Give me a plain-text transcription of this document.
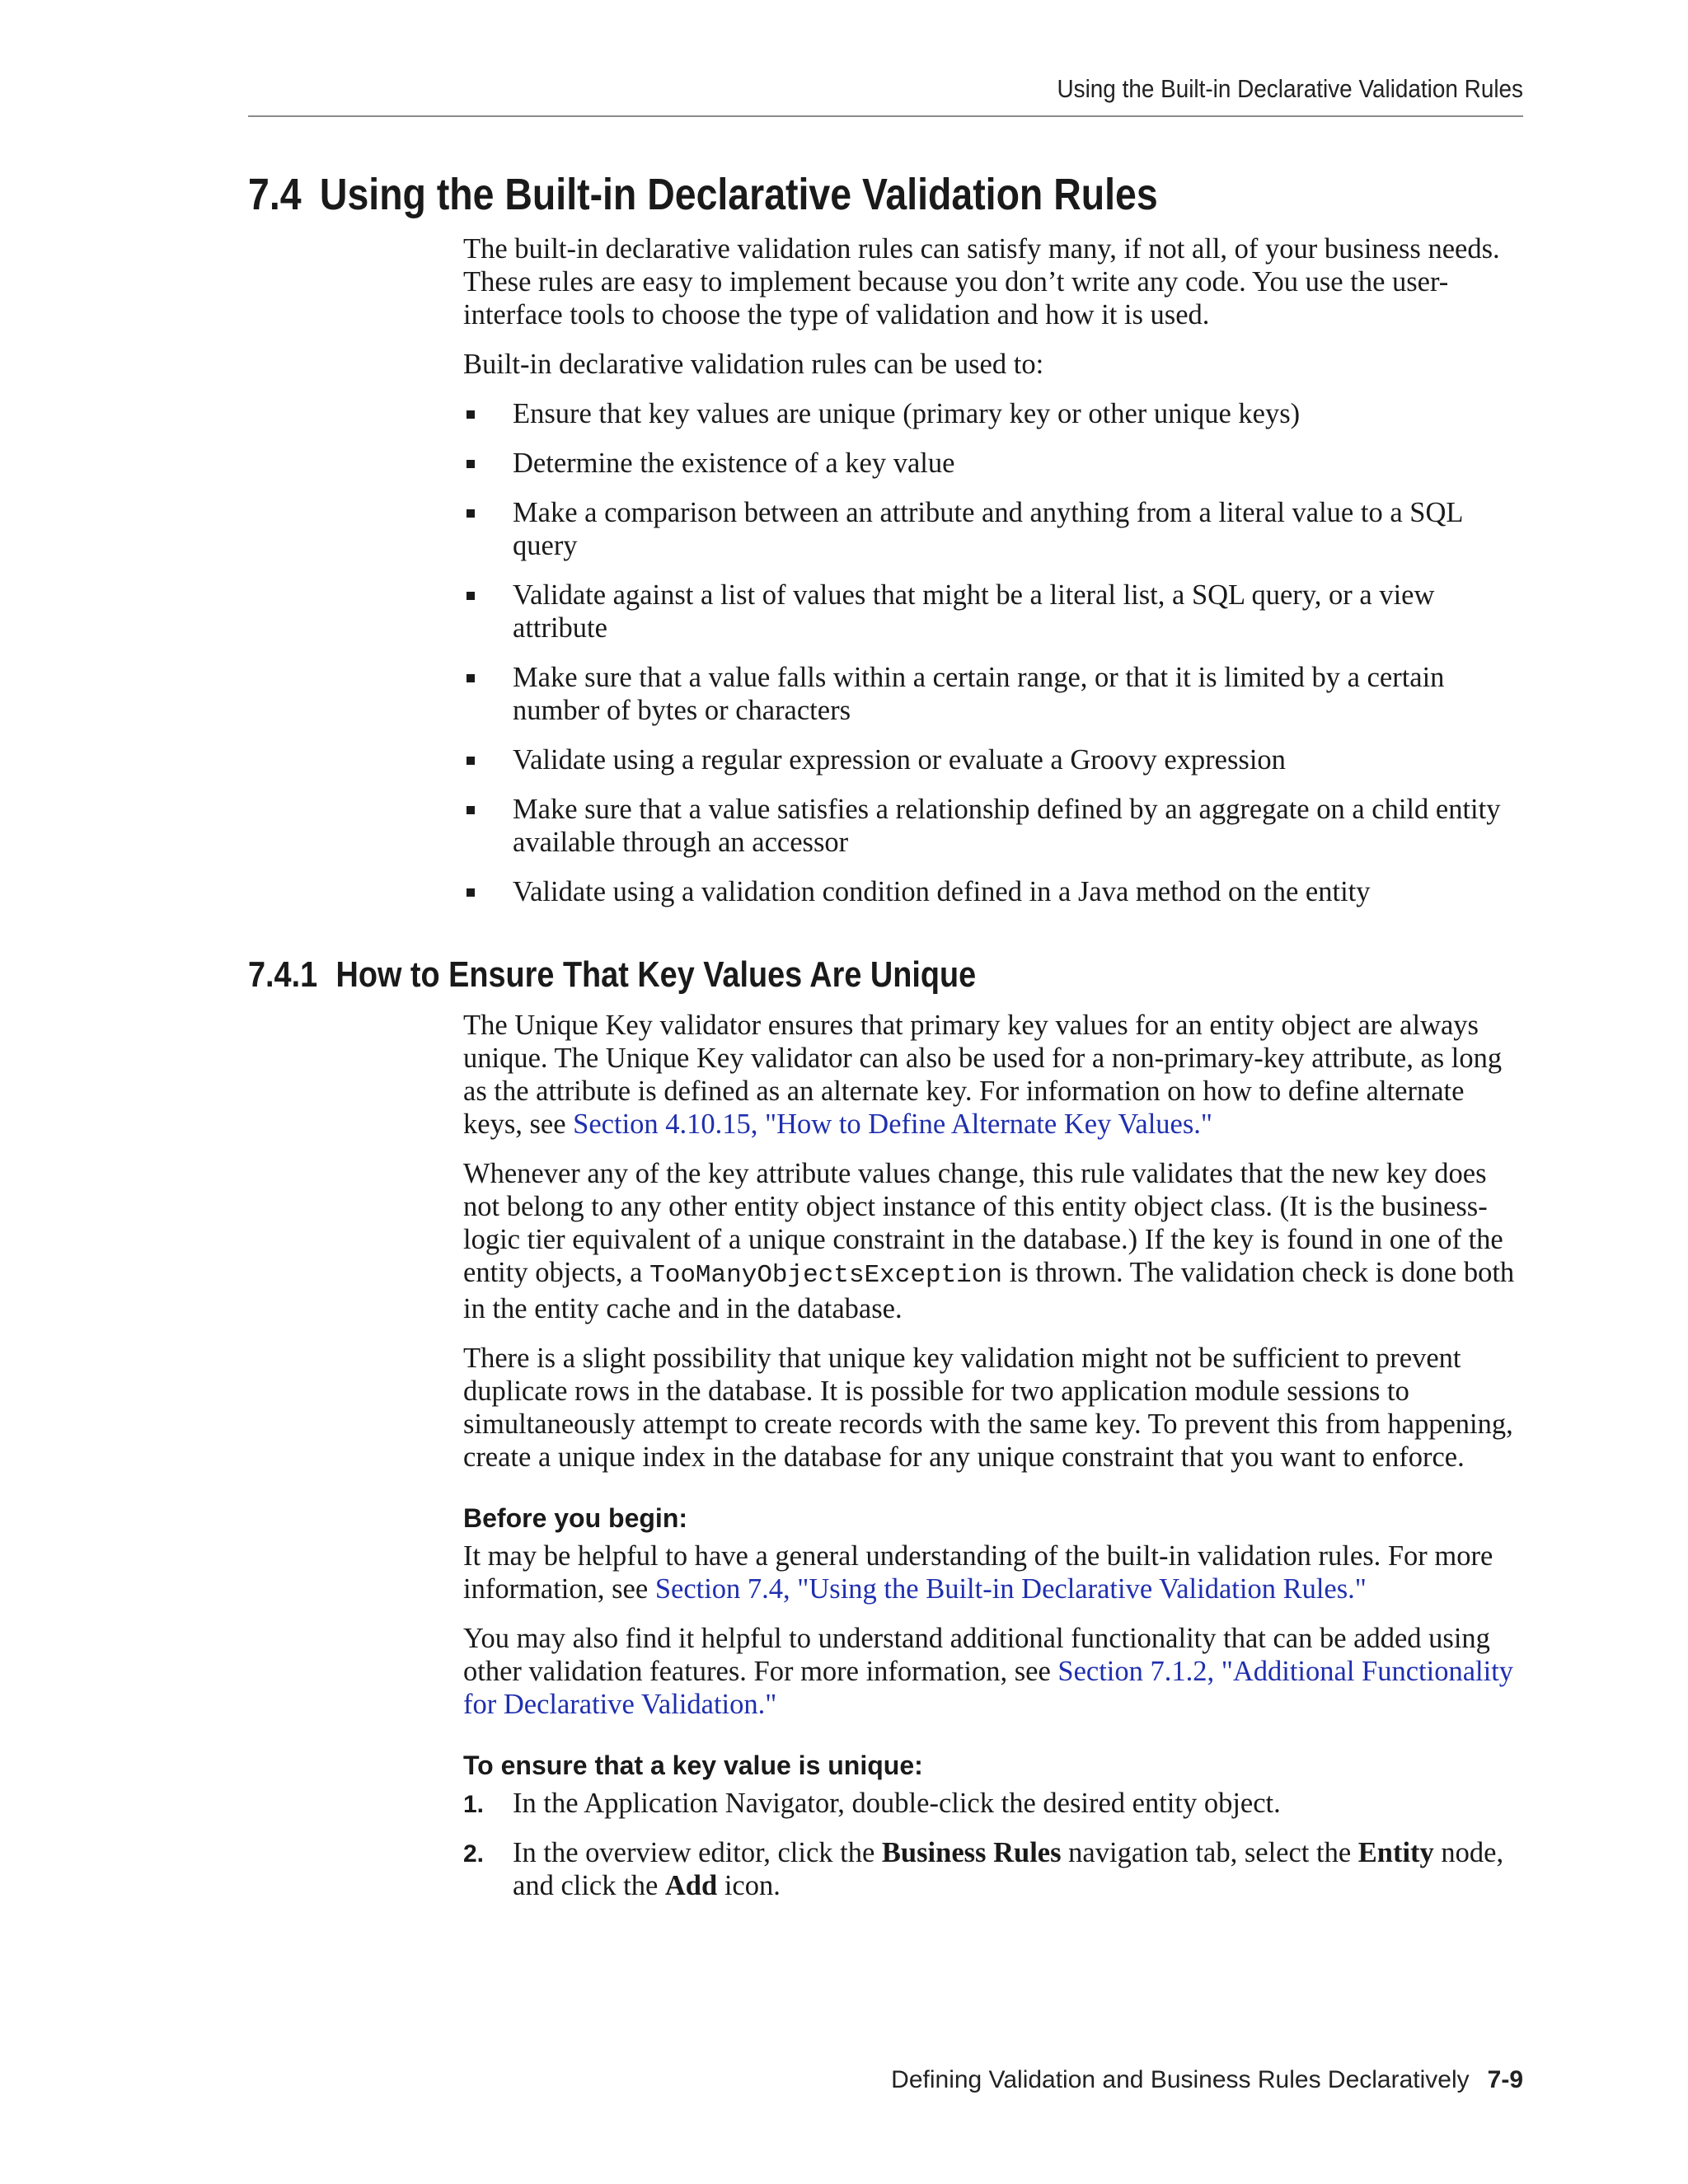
Using the Built-in Declarative Validation Rules
7.4 Using the Built-in Declarative Validation Rules

The built-in declarative validation rules can satisfy many, if not all, of your business needs. These rules are easy to implement because you don’t write any code. You use the user-interface tools to choose the type of validation and how it is used.

Built-in declarative validation rules can be used to:

Ensure that key values are unique (primary key or other unique keys)
Determine the existence of a key value
Make a comparison between an attribute and anything from a literal value to a SQL query
Validate against a list of values that might be a literal list, a SQL query, or a view attribute
Make sure that a value falls within a certain range, or that it is limited by a certain number of bytes or characters
Validate using a regular expression or evaluate a Groovy expression
Make sure that a value satisfies a relationship defined by an aggregate on a child entity available through an accessor
Validate using a validation condition defined in a Java method on the entity
7.4.1 How to Ensure That Key Values Are Unique

The Unique Key validator ensures that primary key values for an entity object are always unique. The Unique Key validator can also be used for a non-primary-key attribute, as long as the attribute is defined as an alternate key. For information on how to define alternate keys, see Section 4.10.15, "How to Define Alternate Key Values."

Whenever any of the key attribute values change, this rule validates that the new key does not belong to any other entity object instance of this entity object class. (It is the business-logic tier equivalent of a unique constraint in the database.) If the key is found in one of the entity objects, a TooManyObjectsException is thrown. The validation check is done both in the entity cache and in the database.

There is a slight possibility that unique key validation might not be sufficient to prevent duplicate rows in the database. It is possible for two application module sessions to simultaneously attempt to create records with the same key. To prevent this from happening, create a unique index in the database for any unique constraint that you want to enforce.

Before you begin:

It may be helpful to have a general understanding of the built-in validation rules. For more information, see Section 7.4, "Using the Built-in Declarative Validation Rules."

You may also find it helpful to understand additional functionality that can be added using other validation features. For more information, see Section 7.1.2, "Additional Functionality for Declarative Validation."

To ensure that a key value is unique:
1. In the Application Navigator, double-click the desired entity object.
2. In the overview editor, click the Business Rules navigation tab, select the Entity node, and click the Add icon.
Defining Validation and Business Rules Declaratively 7-9
